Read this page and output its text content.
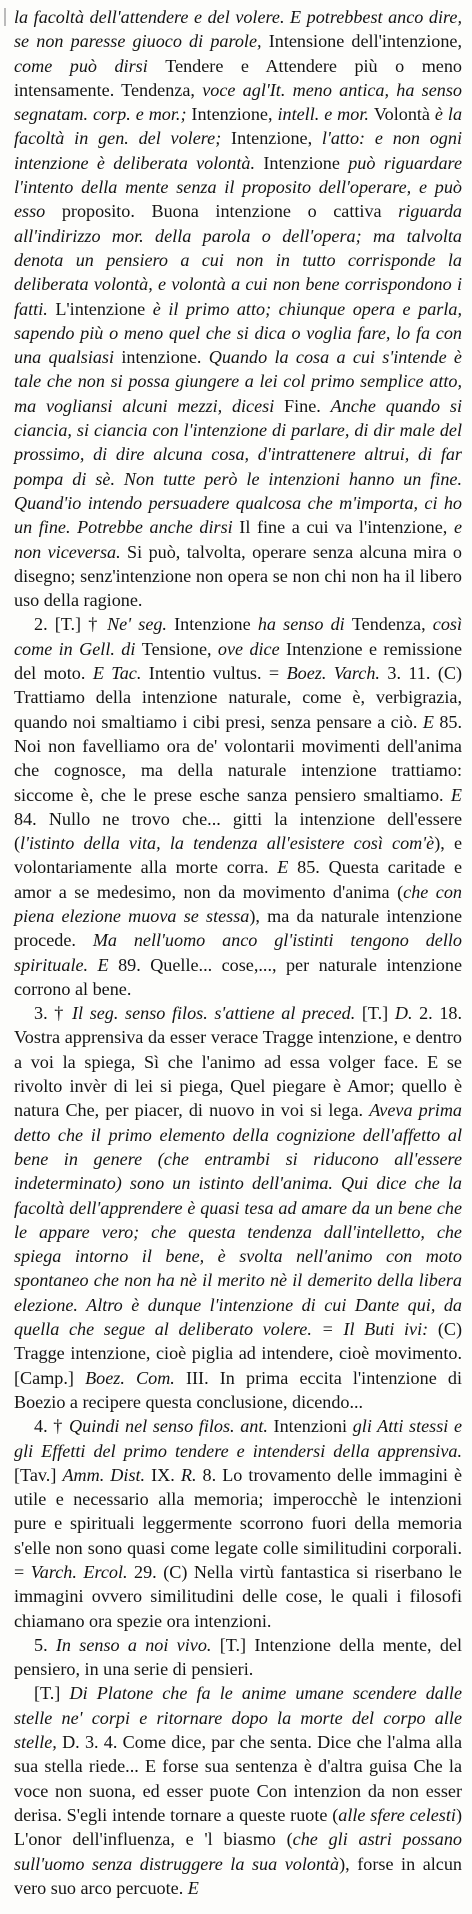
la facoltà dell'attendere e del volere. E potrebbest anco dire, se non paresse giuoco di parole, Intensione dell'intenzione, come può dirsi Tendere e Attendere più o meno intensamente. Tendenza, voce agl'It. meno antica, ha senso segnatam. corp. e mor.; Intenzione, intell. e mor. Volontà è la facoltà in gen. del volere; Intenzione, l'atto: e non ogni intenzione è deliberata volontà. Intenzione può riguardare l'intento della mente senza il proposito dell'operare, e può esso proposito. Buona intenzione o cattiva riguarda all'indirizzo mor. della parola o dell'opera; ma talvolta denota un pensiero a cui non in tutto corrisponde la deliberata volontà, e volontà a cui non bene corrispondono i fatti. L'intenzione è il primo atto; chiunque opera e parla, sapendo più o meno quel che si dica o voglia fare, lo fa con una qualsiasi intenzione. Quando la cosa a cui s'intende è tale che non si possa giungere a lei col primo semplice atto, ma vogliansi alcuni mezzi, dicesi Fine. Anche quando si ciancia, si ciancia con l'intenzione di parlare, di dir male del prossimo, di dire alcuna cosa, d'intrattenere altrui, di far pompa di sè. Non tutte però le intenzioni hanno un fine. Quand'io intendo persuadere qualcosa che m'importa, ci ho un fine. Potrebbe anche dirsi Il fine a cui va l'intenzione, e non viceversa. Si può, talvolta, operare senza alcuna mira o disegno; senz'intenzione non opera se non chi non ha il libero uso della ragione.

2. [T.] † Ne' seg. Intenzione ha senso di Tendenza, così come in Gell. di Tensione, ove dice Intenzione e remissione del moto. E Tac. Intentio vultus. = Boez. Varch. 3. 11. (C) Trattiamo della intenzione naturale, come è, verbigrazia, quando noi smaltiamo i cibi presi, senza pensare a ciò. E 85. Noi non favelliamo ora de' volontarii movimenti dell'anima che cognosce, ma della naturale intenzione trattiamo: siccome è, che le prese esche sanza pensiero smaltiamo. E 84. Nullo ne trovo che... gitti la intenzione dell'essere (l'istinto della vita, la tendenza all'esistere così com'è), e volontariamente alla morte corra. E 85. Questa caritade e amor a se medesimo, non da movimento d'anima (che con piena elezione muova se stessa), ma da naturale intenzione procede. Ma nell'uomo anco gl'istinti tengono dello spirituale. E 89. Quelle... cose,..., per naturale intenzione corrono al bene.

3. † Il seg. senso filos. s'attiene al preced. [T.] D. 2. 18. Vostra apprensiva da esser verace Tragge intenzione, e dentro a voi la spiega, Sì che l'animo ad essa volger face. E se rivolto invèr di lei si piega, Quel piegare è Amor; quello è natura Che, per piacer, di nuovo in voi si lega. Aveva prima detto che il primo elemento della cognizione dell'affetto al bene in genere (che entrambi si riducono all'essere indeterminato) sono un istinto dell'anima. Qui dice che la facoltà dell'apprendere è quasi tesa ad amare da un bene che le appare vero; che questa tendenza dall'intelletto, che spiega intorno il bene, è svolta nell'animo con moto spontaneo che non ha nè il merito nè il demerito della libera elezione. Altro è dunque l'intenzione di cui Dante qui, da quella che segue al deliberato volere. = Il Buti ivi: (C) Tragge intenzione, cioè piglia ad intendere, cioè movimento. [Camp.] Boez. Com. III. In prima eccita l'intenzione di Boezio a recipere questa conclusione, dicendo...

4. † Quindi nel senso filos. ant. Intenzioni gli Atti stessi e gli Effetti del primo tendere e intendersi della apprensiva. [Tav.] Amm. Dist. IX. R. 8. Lo trovamento delle immagini è utile e necessario alla memoria; imperocchè le intenzioni pure e spirituali leggermente scorrono fuori della memoria s'elle non sono quasi come legate colle similitudini corporali. = Varch. Ercol. 29. (C) Nella virtù fantastica si riserbano le immagini ovvero similitudini delle cose, le quali i filosofi chiamano ora spezie ora intenzioni.

5. In senso a noi vivo. [T.] Intenzione della mente, del pensiero, in una serie di pensieri.

[T.] Di Platone che fa le anime umane scendere dalle stelle ne' corpi e ritornare dopo la morte del corpo alle stelle, D. 3. 4. Come dice, par che senta. Dice che l'alma alla sua stella riede... E forse sua sentenza è d'altra guisa Che la voce non suona, ed esser puote Con intenzion da non esser derisa. S'egli intende tornare a queste ruote (alle sfere celesti) L'onor dell'influenza, e 'l biasmo (che gli astri possano sull'uomo senza distruggere la sua volontà), forse in alcun vero suo arco percuote. E
